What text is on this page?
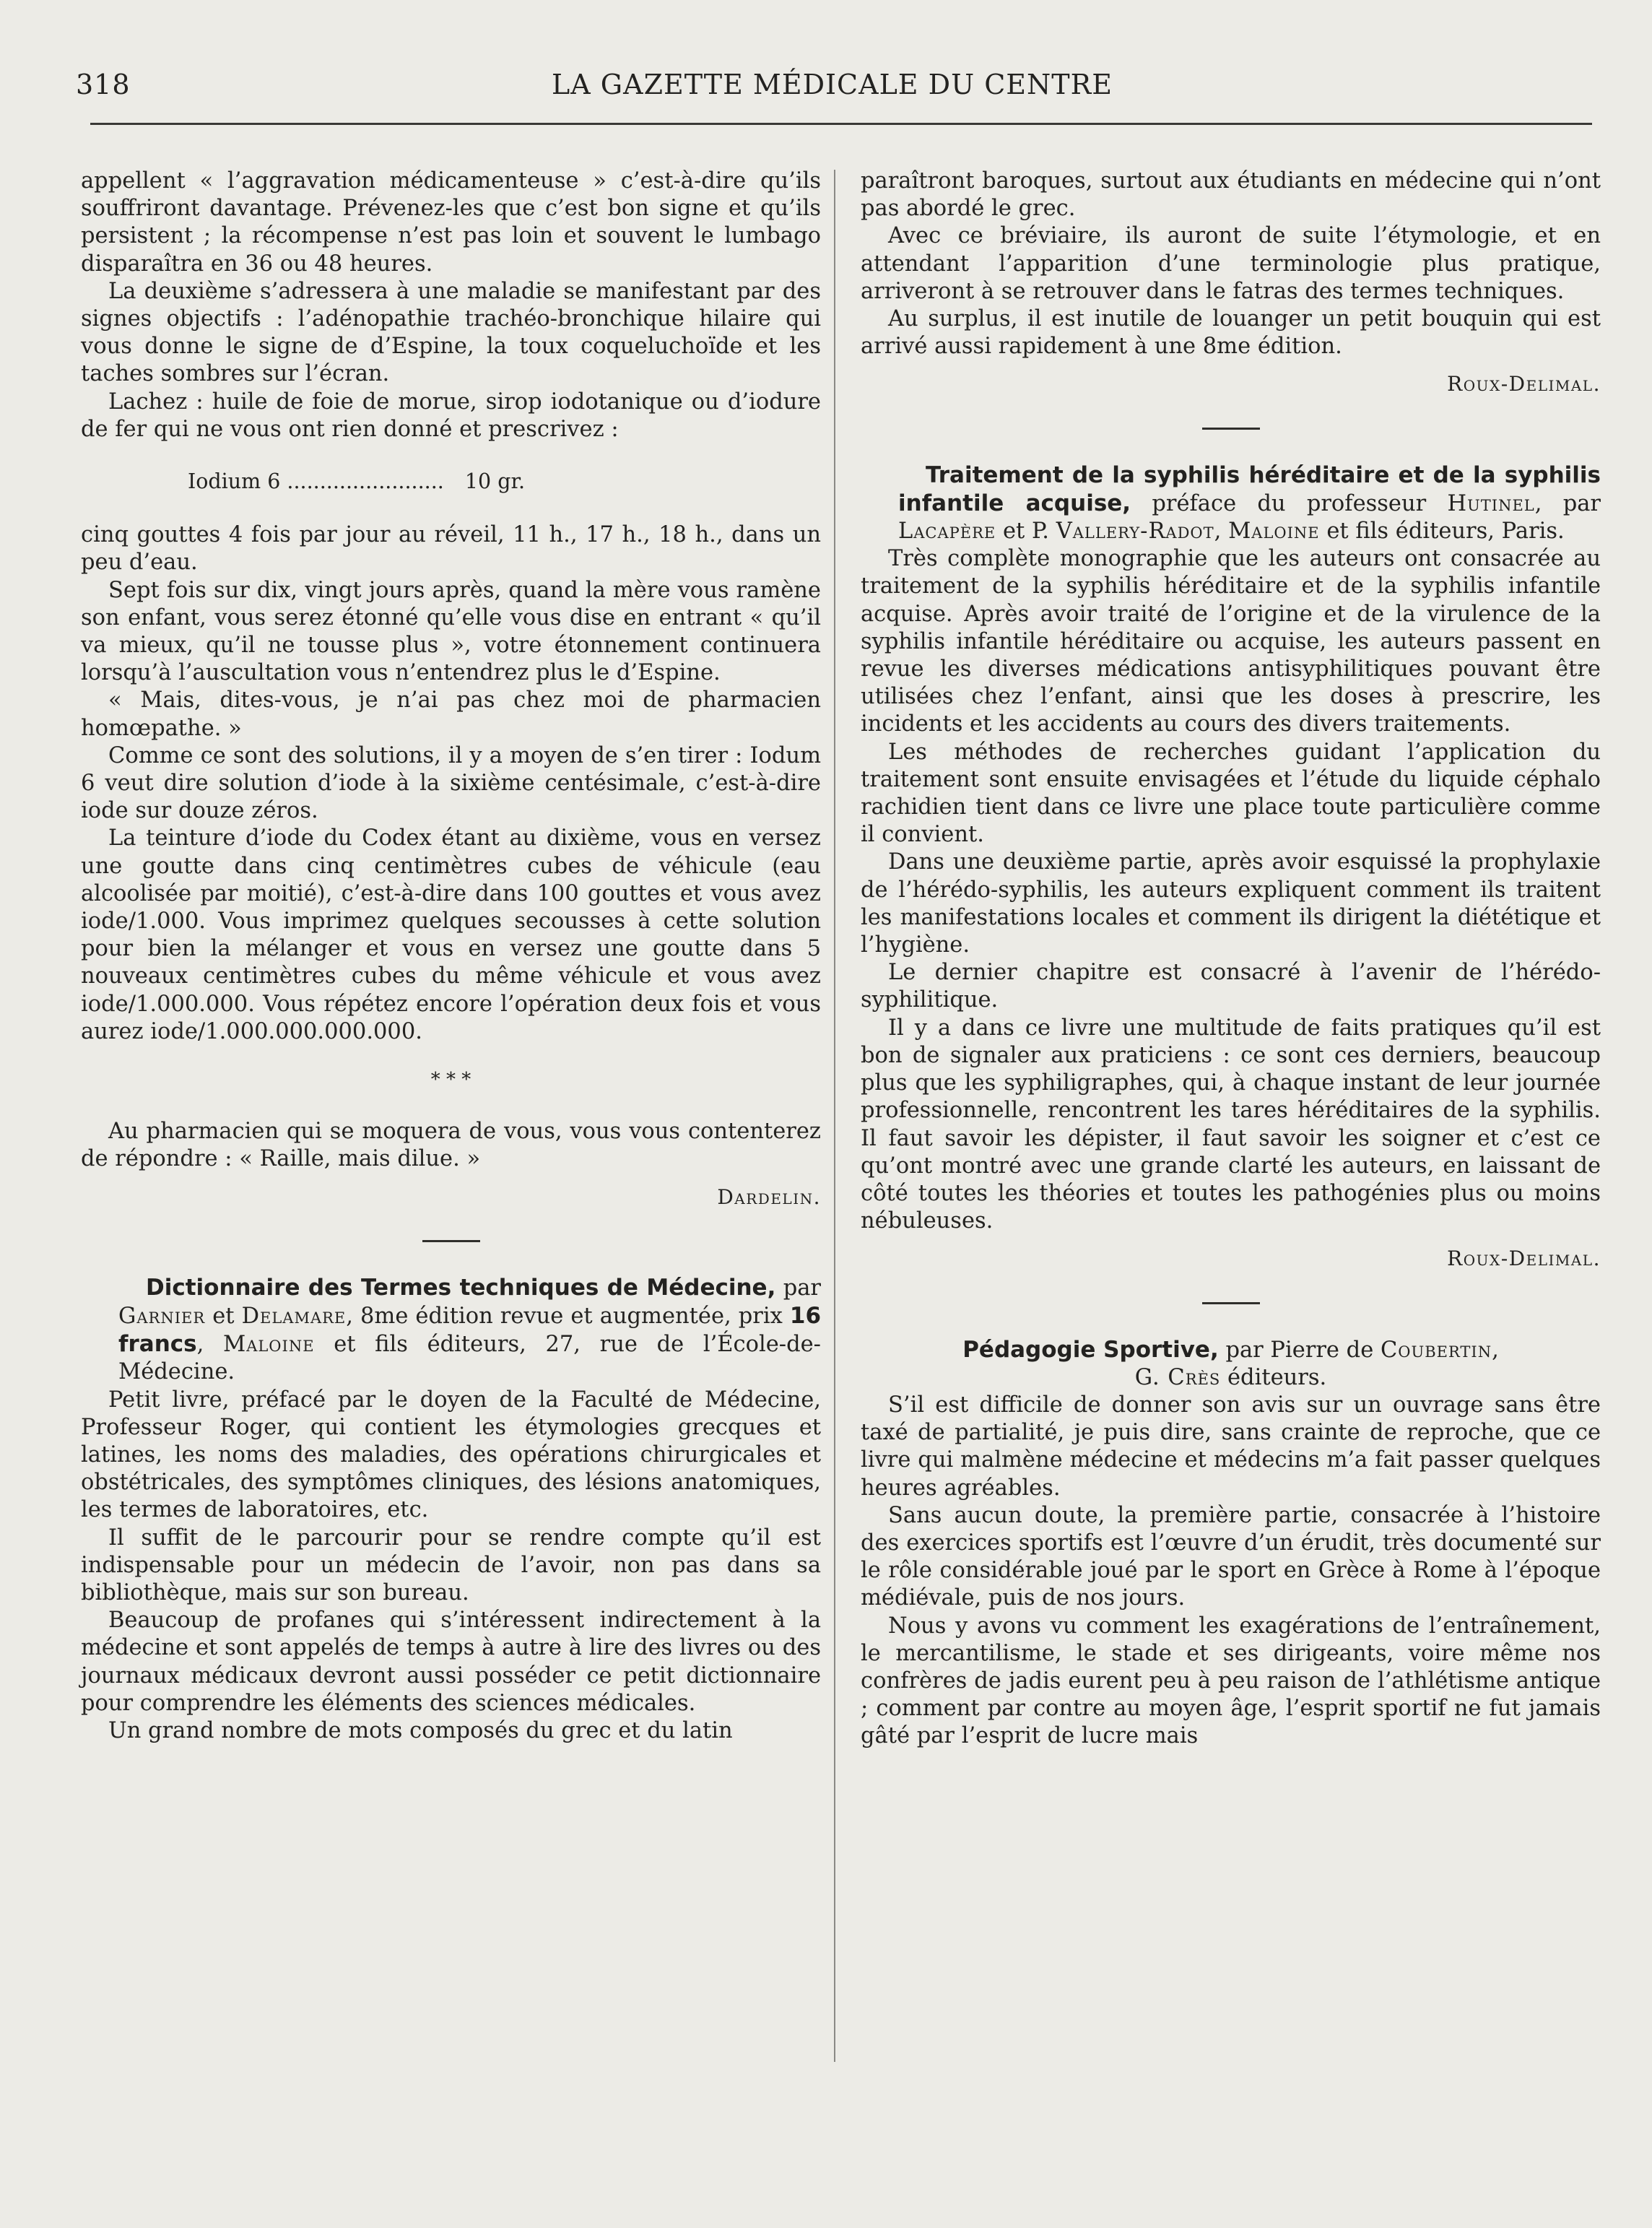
318	LA GAZETTE MÉDICALE DU CENTRE

appellent « l’aggravation médicamenteuse » c’est-à-dire qu’ils souffriront davantage. Prévenez-les que c’est bon signe et qu’ils persistent ; la récompense n’est pas loin et souvent le lumbago disparaîtra en 36 ou 48 heures.

La deuxième s’adressera à une maladie se manifestant par des signes objectifs : l’adénopathie trachéo-bronchique hilaire qui vous donne le signe de d’Espine, la toux coqueluchoïde et les taches sombres sur l’écran.

Lachez : huile de foie de morue, sirop iodotanique ou d’iodure de fer qui ne vous ont rien donné et prescrivez :

Iodium 6 ........................ 10 gr.

cinq gouttes 4 fois par jour au réveil, 11 h., 17 h., 18 h., dans un peu d’eau.

Sept fois sur dix, vingt jours après, quand la mère vous ramène son enfant, vous serez étonné qu’elle vous dise en entrant « qu’il va mieux, qu’il ne tousse plus », votre étonnement continuera lorsqu’à l’auscultation vous n’entendrez plus le d’Espine.

« Mais, dites-vous, je n’ai pas chez moi de pharmacien homœpathe. »

Comme ce sont des solutions, il y a moyen de s’en tirer : Iodum 6 veut dire solution d’iode à la sixième centésimale, c’est-à-dire iode sur douze zéros.

La teinture d’iode du Codex étant au dixième, vous en versez une goutte dans cinq centimètres cubes de véhicule (eau alcoolisée par moitié), c’est-à-dire dans 100 gouttes et vous avez iode/1.000. Vous imprimez quelques secousses à cette solution pour bien la mélanger et vous en versez une goutte dans 5 nouveaux centimètres cubes du même véhicule et vous avez iode/1.000.000. Vous répétez encore l’opération deux fois et vous aurez iode/1.000.000.000.000.

* * *

Au pharmacien qui se moquera de vous, vous vous contenterez de répondre : « Raille, mais dilue. »

Dardelin.

Dictionnaire des Termes techniques de Médecine, par Garnier et Delamare, 8me édition revue et augmentée, prix 16 francs, Maloine et fils éditeurs, 27, rue de l’École-de-Médecine.

Petit livre, préfacé par le doyen de la Faculté de Médecine, Professeur Roger, qui contient les étymologies grecques et latines, les noms des maladies, des opérations chirurgicales et obstétricales, des symptômes cliniques, des lésions anatomiques, les termes de laboratoires, etc.

Il suffit de le parcourir pour se rendre compte qu’il est indispensable pour un médecin de l’avoir, non pas dans sa bibliothèque, mais sur son bureau.

Beaucoup de profanes qui s’intéressent indirectement à la médecine et sont appelés de temps à autre à lire des livres ou des journaux médicaux devront aussi posséder ce petit dictionnaire pour comprendre les éléments des sciences médicales.

Un grand nombre de mots composés du grec et du latin

paraîtront baroques, surtout aux étudiants en médecine qui n’ont pas abordé le grec.

Avec ce bréviaire, ils auront de suite l’étymologie, et en attendant l’apparition d’une terminologie plus pratique, arriveront à se retrouver dans le fatras des termes techniques.

Au surplus, il est inutile de louanger un petit bouquin qui est arrivé aussi rapidement à une 8me édition.

Roux-Delimal.

Traitement de la syphilis héréditaire et de la syphilis infantile acquise, préface du professeur Hutinel, par Lacapère et P. Vallery-Radot, Maloine et fils éditeurs, Paris.

Très complète monographie que les auteurs ont consacrée au traitement de la syphilis héréditaire et de la syphilis infantile acquise. Après avoir traité de l’origine et de la virulence de la syphilis infantile héréditaire ou acquise, les auteurs passent en revue les diverses médications antisyphilitiques pouvant être utilisées chez l’enfant, ainsi que les doses à prescrire, les incidents et les accidents au cours des divers traitements.

Les méthodes de recherches guidant l’application du traitement sont ensuite envisagées et l’étude du liquide céphalo rachidien tient dans ce livre une place toute particulière comme il convient.

Dans une deuxième partie, après avoir esquissé la prophylaxie de l’hérédo-syphilis, les auteurs expliquent comment ils traitent les manifestations locales et comment ils dirigent la diététique et l’hygiène.

Le dernier chapitre est consacré à l’avenir de l’hérédo-syphilitique.

Il y a dans ce livre une multitude de faits pratiques qu’il est bon de signaler aux praticiens : ce sont ces derniers, beaucoup plus que les syphiligraphes, qui, à chaque instant de leur journée professionnelle, rencontrent les tares héréditaires de la syphilis. Il faut savoir les dépister, il faut savoir les soigner et c’est ce qu’ont montré avec une grande clarté les auteurs, en laissant de côté toutes les théories et toutes les pathogénies plus ou moins nébuleuses.

Roux-Delimal.

Pédagogie Sportive, par Pierre de Coubertin,
G. Crès éditeurs.

S’il est difficile de donner son avis sur un ouvrage sans être taxé de partialité, je puis dire, sans crainte de reproche, que ce livre qui malmène médecine et médecins m’a fait passer quelques heures agréables.

Sans aucun doute, la première partie, consacrée à l’histoire des exercices sportifs est l’œuvre d’un érudit, très documenté sur le rôle considérable joué par le sport en Grèce à Rome à l’époque médiévale, puis de nos jours.

Nous y avons vu comment les exagérations de l’entraînement, le mercantilisme, le stade et ses dirigeants, voire même nos confrères de jadis eurent peu à peu raison de l’athlétisme antique ; comment par contre au moyen âge, l’esprit sportif ne fut jamais gâté par l’esprit de lucre mais
